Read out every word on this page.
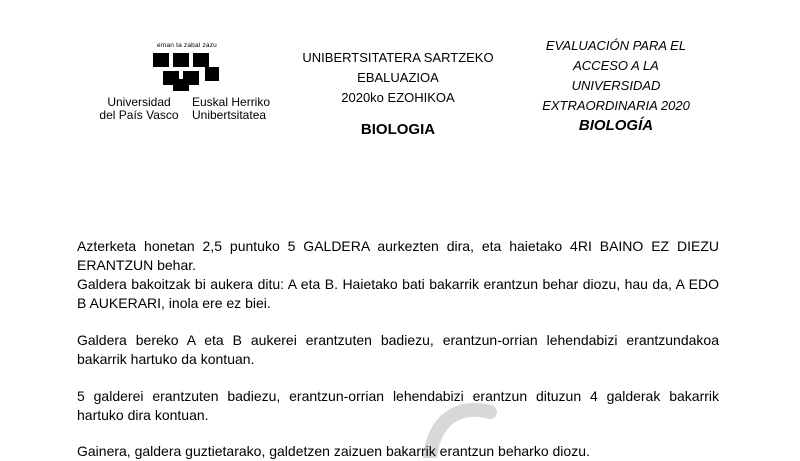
eman ta zabal zazu
Universidad
del País Vasco
Euskal Herriko
Unibertsitatea
UNIBERTSITATERA SARTZEKO
EBALUAZIOA
2020ko EZOHIKOA
BIOLOGIA
EVALUACIÓN PARA EL
ACCESO A LA
UNIVERSIDAD
EXTRAORDINARIA 2020
BIOLOGÍA

Azterketa honetan 2,5 puntuko 5 GALDERA aurkezten dira, eta haietako 4RI BAINO EZ DIEZU ERANTZUN behar.

Galdera bakoitzak bi aukera ditu: A eta B. Haietako bati bakarrik erantzun behar diozu, hau da, A EDO B AUKERARI, inola ere ez biei.

Galdera bereko A eta B aukerei erantzuten badiezu, erantzun-orrian lehendabizi erantzundakoa bakarrik hartuko da kontuan.

5 galderei erantzuten badiezu, erantzun-orrian lehendabizi erantzun dituzun 4 galderak bakarrik hartuko dira kontuan.

Gainera, galdera guztietarako, galdetzen zaizuen bakarrik erantzun beharko diozu.
